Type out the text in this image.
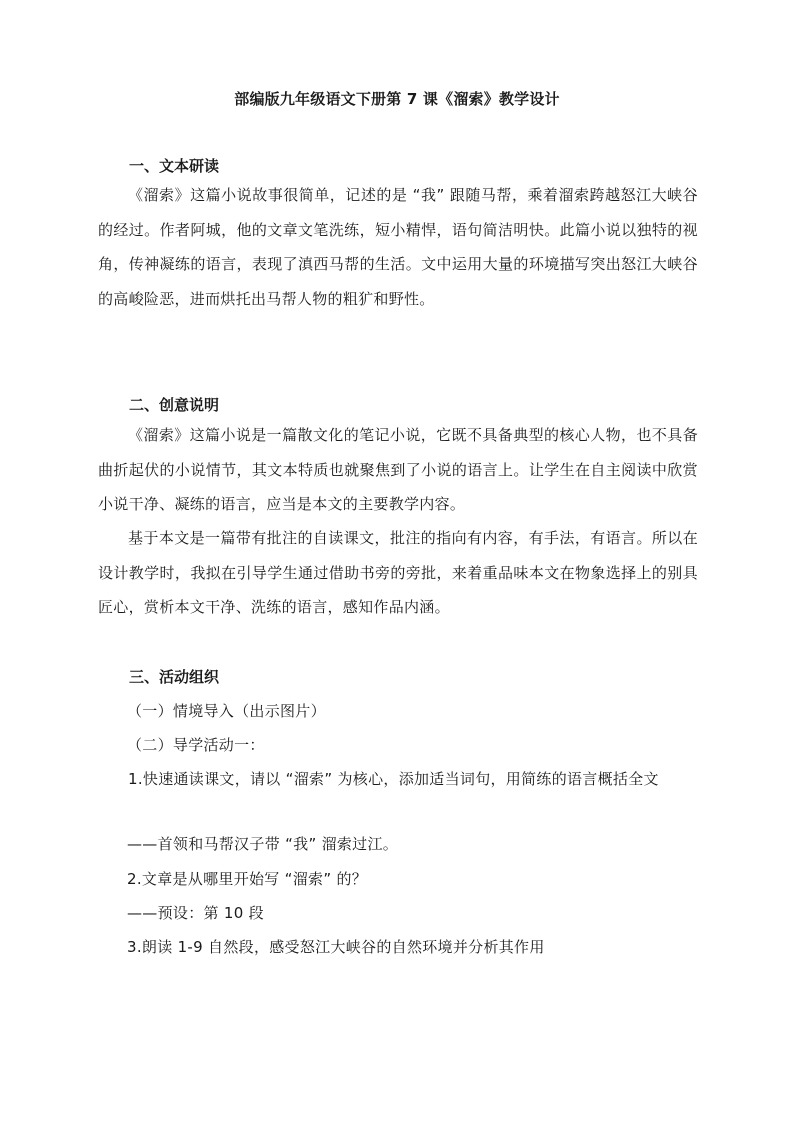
部编版九年级语文下册第 7 课《溜索》教学设计
一、文本研读

《溜索》这篇小说故事很简单，记述的是 “我” 跟随马帮，乘着溜索跨越怒江大峡谷的经过。作者阿城，他的文章文笔洗练，短小精悍，语句简洁明快。此篇小说以独特的视角，传神凝练的语言，表现了滇西马帮的生活。文中运用大量的环境描写突出怒江大峡谷的高峻险恶，进而烘托出马帮人物的粗犷和野性。

二、创意说明

《溜索》这篇小说是一篇散文化的笔记小说，它既不具备典型的核心人物，也不具备曲折起伏的小说情节，其文本特质也就聚焦到了小说的语言上。让学生在自主阅读中欣赏小说干净、凝练的语言，应当是本文的主要教学内容。

基于本文是一篇带有批注的自读课文，批注的指向有内容，有手法，有语言。所以在设计教学时，我拟在引导学生通过借助书旁的旁批，来着重品味本文在物象选择上的别具匠心，赏析本文干净、洗练的语言，感知作品内涵。

三、活动组织
（一）情境导入（出示图片）
（二）导学活动一：

1.快速通读课文，请以 “溜索” 为核心，添加适当词句，用简练的语言概括全文

——首领和马帮汉子带 “我” 溜索过江。
2.文章是从哪里开始写 “溜索” 的？
——预设：第 10 段
3.朗读 1-9 自然段，感受怒江大峡谷的自然环境并分析其作用
